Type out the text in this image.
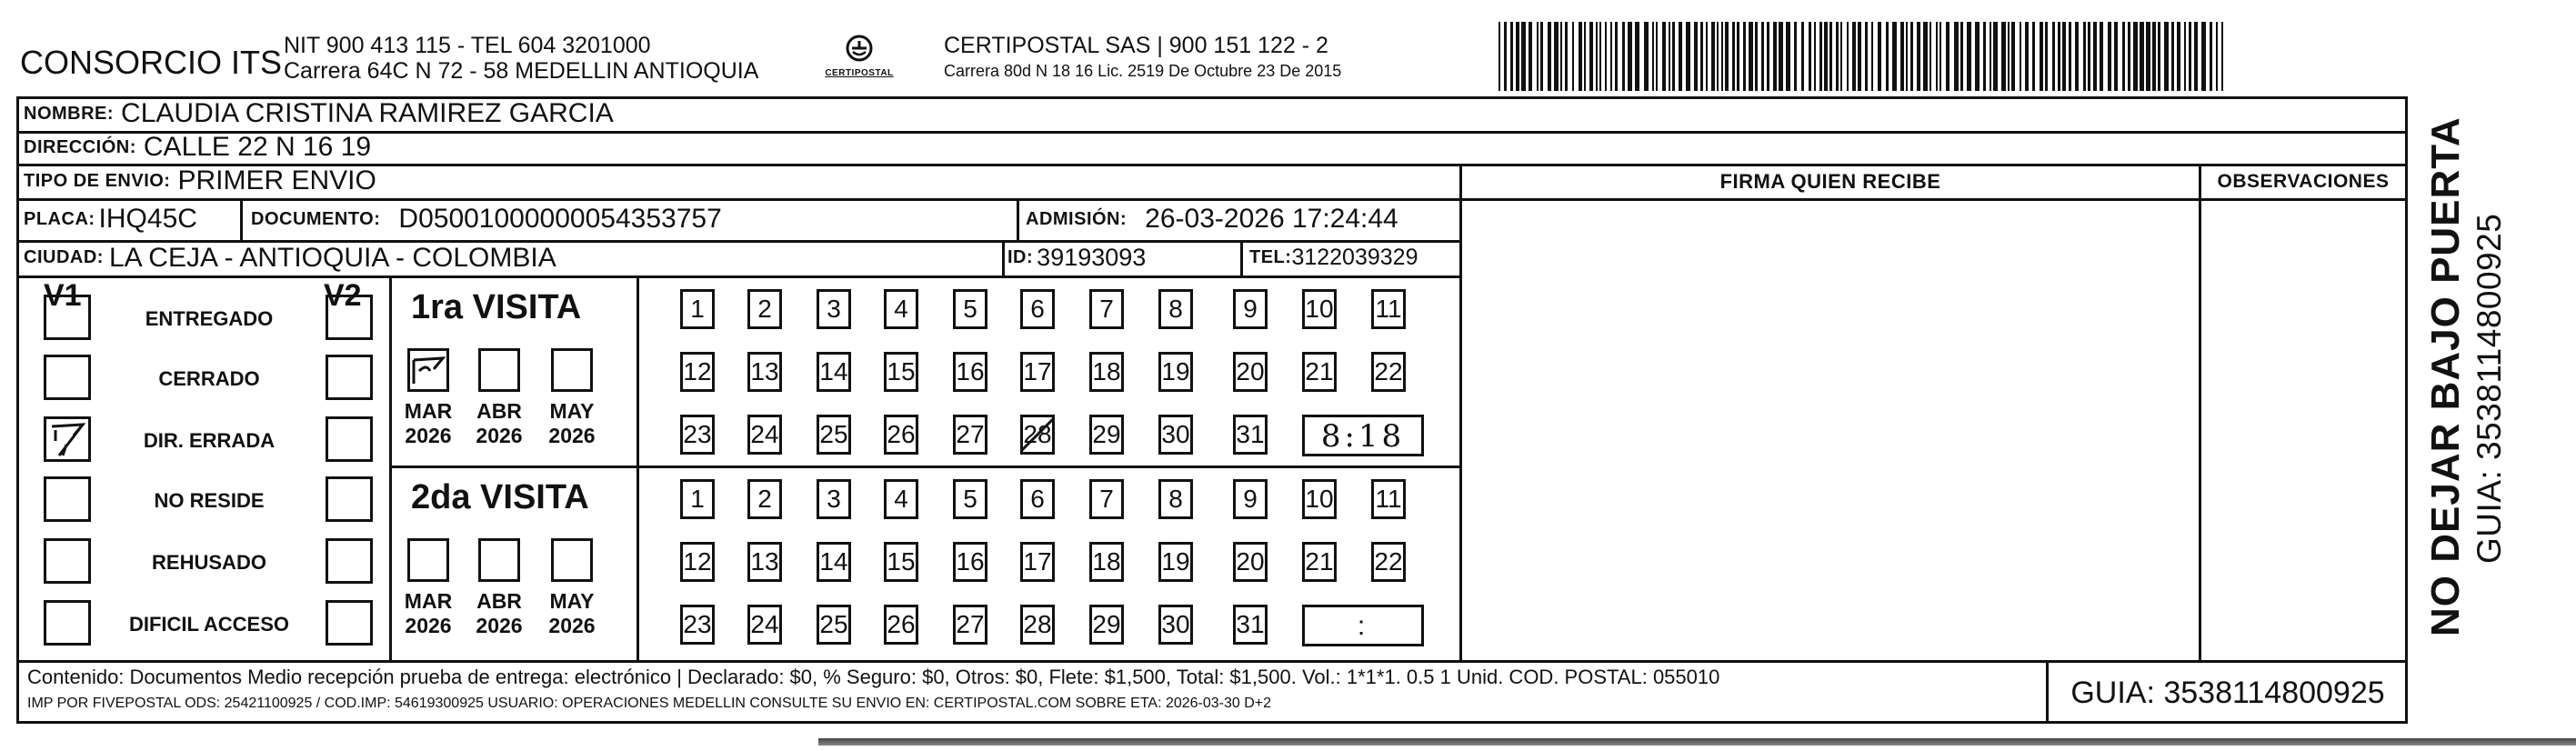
CONSORCIO ITS NIT 900 413 115 - TEL 604 3201000
Carrera 64C N 72 - 58 MEDELLIN ANTIOQUIA	CERTIPOSTAL
CERTIPOSTAL SAS | 900 151 122 - 2
Carrera 80d N 18 16 Lic. 2519 De Octubre 23 De 2015
NOMBRE: CLAUDIA CRISTINA RAMIREZ GARCIA
DIRECCIÓN: CALLE 22 N 16 19
TIPO DE ENVIO: PRIMER ENVIO	FIRMA QUIEN RECIBE	OBSERVACIONES
PLACA: IHQ45C	DOCUMENTO: D05001000000054353757	ADMISIÓN: 26-03-2026 17:24:44
CIUDAD: LA CEJA - ANTIOQUIA - COLOMBIA	ID: 39193093	TEL: 3122039329
V1	V2
ENTREGADO
CERRADO
DIR. ERRADA
NO RESIDE
REHUSADO
DIFICIL ACCESO
1ra VISITA
MAR
2026
ABR
2026
MAY
2026
1	2	3	4	5	6	7	8	9	10 11
12 13 14 15 16 17 18 19 20 21 22
23 24 25 26 27 28 29 30 31	8:18
2da VISITA
MAR
2026
ABR
2026
MAY
2026
1	2	3	4	5	6	7	8	9	10 11
12 13 14 15 16 17 18 19 20 21 22
23 24 25 26 27 28 29 30 31	:
Contenido: Documentos Medio recepción prueba de entrega: electrónico | Declarado: $0, % Seguro: $0, Otros: $0, Flete: $1,500, Total: $1,500. Vol.: 1*1*1. 0.5 1 Unid. COD. POSTAL: 055010
IMP POR FIVEPOSTAL ODS: 25421100925 / COD.IMP: 54619300925 USUARIO: OPERACIONES MEDELLIN CONSULTE SU ENVIO EN: CERTIPOSTAL.COM SOBRE ETA: 2026-03-30 D+2	GUIA: 3538114800925
NO DEJAR BAJO PUERTA GUIA: 3538114800925
